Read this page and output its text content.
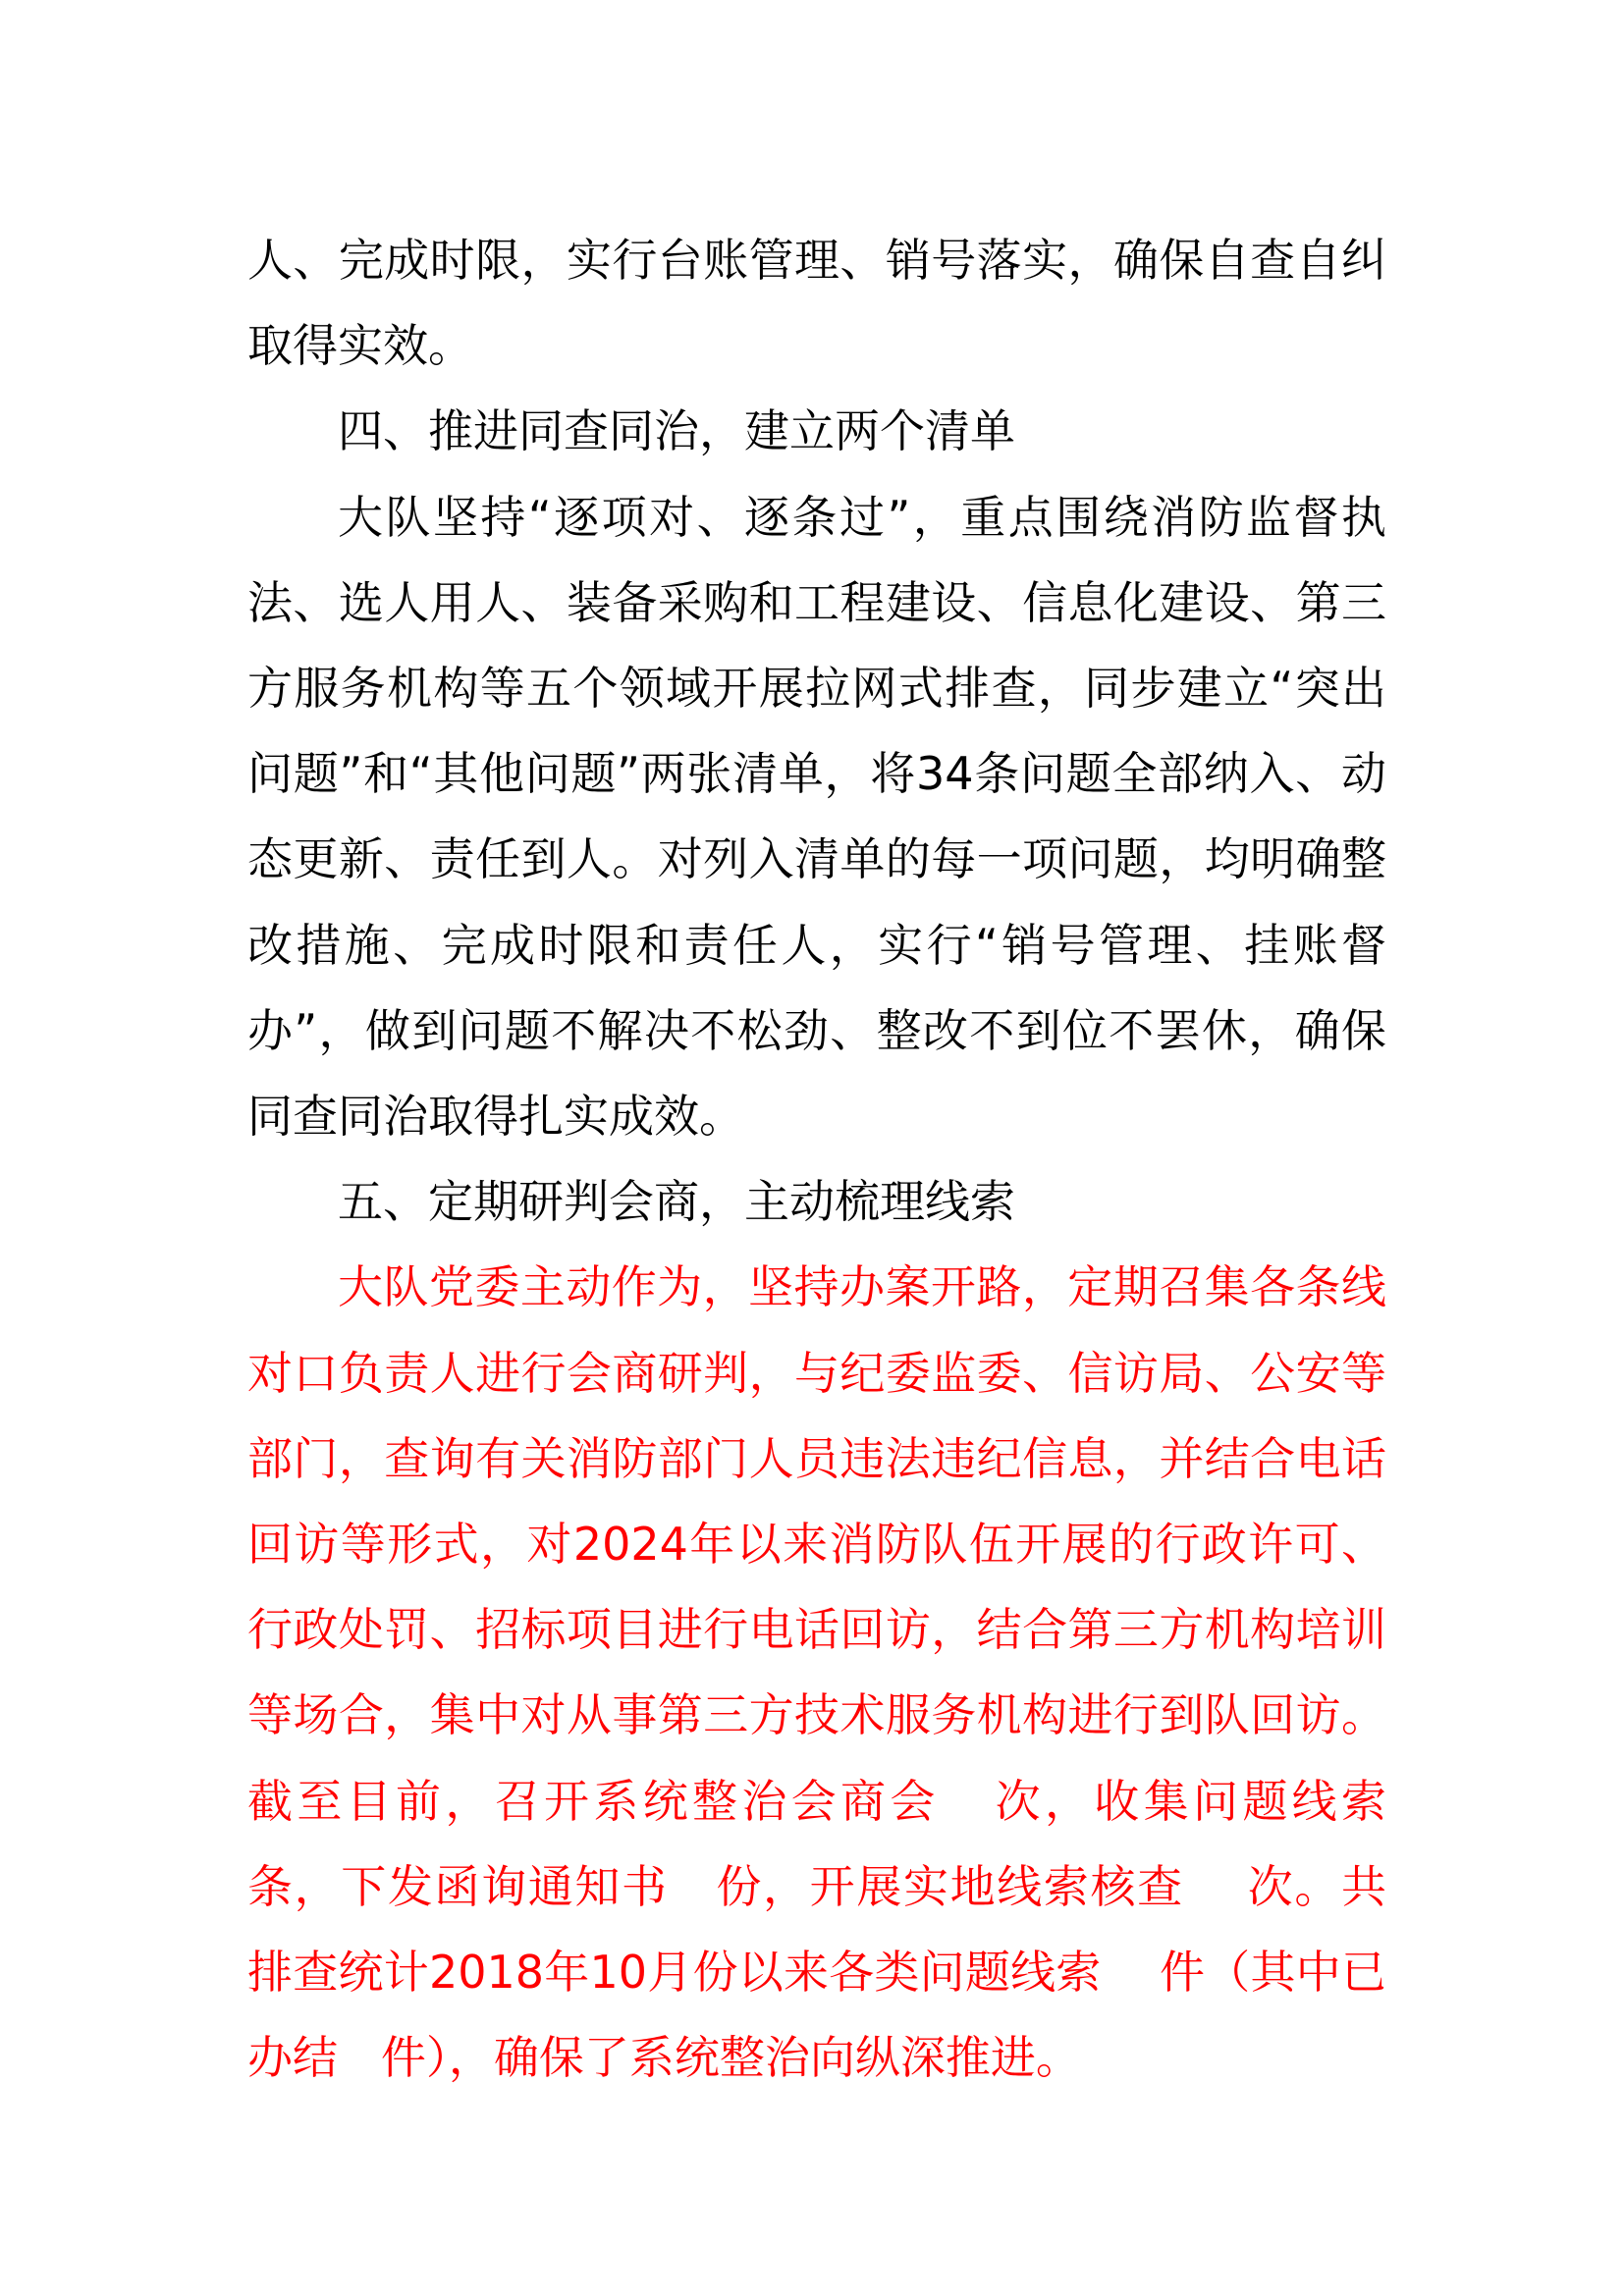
人、完成时限，实行台账管理、销号落实，确保自查自纠取得实效。

四、推进同查同治，建立两个清单

大队坚持“逐项对、逐条过”，重点围绕消防监督执法、选人用人、装备采购和工程建设、信息化建设、第三方服务机构等五个领域开展拉网式排查，同步建立“突出问题”和“其他问题”两张清单，将34条问题全部纳入、动态更新、责任到人。对列入清单的每一项问题，均明确整改措施、完成时限和责任人，实行“销号管理、挂账督办”，做到问题不解决不松劲、整改不到位不罢休，确保同查同治取得扎实成效。

五、定期研判会商，主动梳理线索

大队党委主动作为，坚持办案开路，定期召集各条线对口负责人进行会商研判，与纪委监委、信访局、公安等部门，查询有关消防部门人员违法违纪信息，并结合电话回访等形式，对2024年以来消防队伍开展的行政许可、行政处罚、招标项目进行电话回访，结合第三方机构培训等场合，集中对从事第三方技术服务机构进行到队回访。截至目前，召开系统整治会商会   次，收集问题线索   条，下发函询通知书   份，开展实地线索核查    次。共排查统计2018年10月份以来各类问题线索    件（其中已办结   件），确保了系统整治向纵深推进。
